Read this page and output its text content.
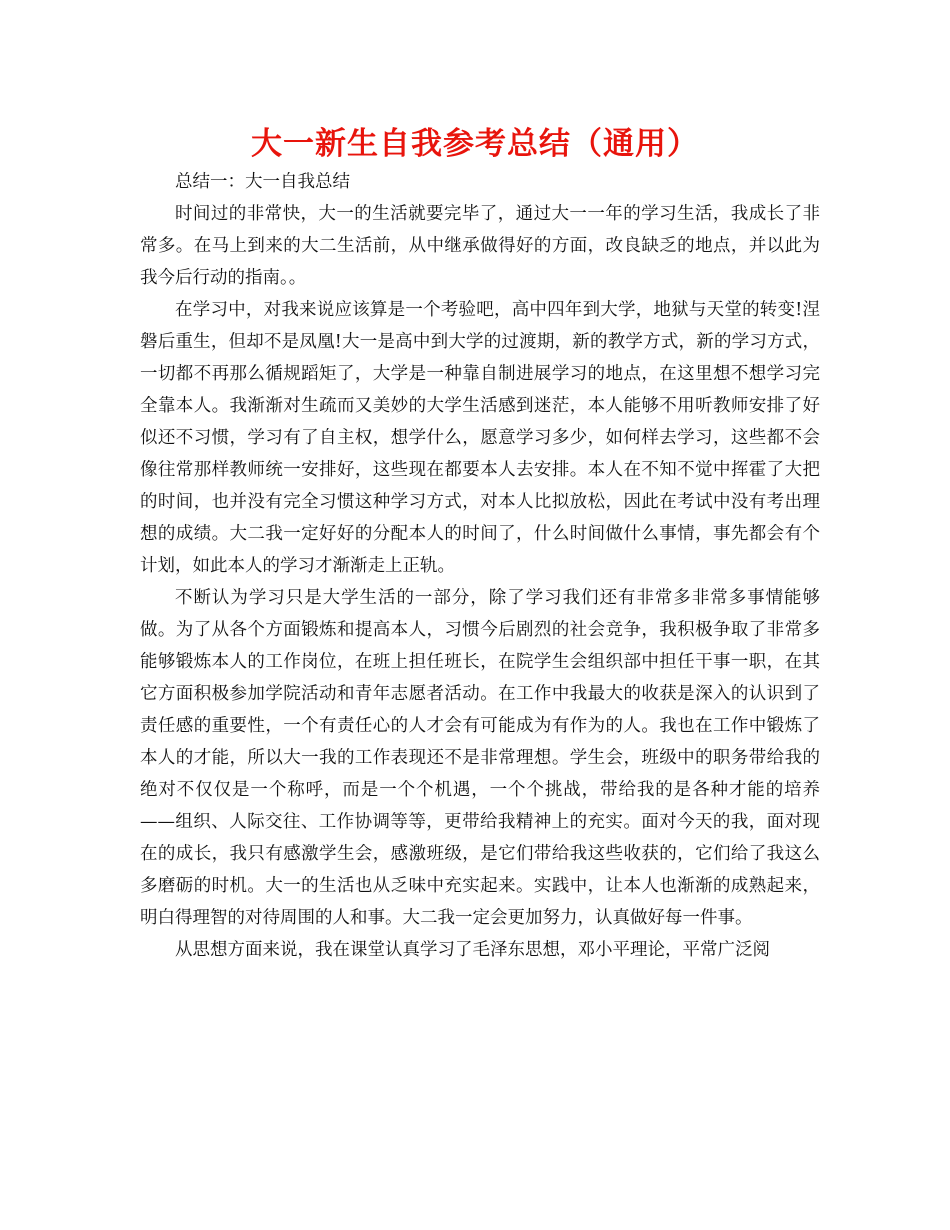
大一新生自我参考总结（通用）

总结一：大一自我总结

时间过的非常快，大一的生活就要完毕了，通过大一一年的学习生活，我成长了非常多。在马上到来的大二生活前，从中继承做得好的方面，改良缺乏的地点，并以此为我今后行动的指南。。

在学习中，对我来说应该算是一个考验吧，高中四年到大学，地狱与天堂的转变!涅磐后重生，但却不是凤凰!大一是高中到大学的过渡期，新的教学方式，新的学习方式，一切都不再那么循规蹈矩了，大学是一种靠自制进展学习的地点，在这里想不想学习完全靠本人。我渐渐对生疏而又美妙的大学生活感到迷茫，本人能够不用听教师安排了好似还不习惯，学习有了自主权，想学什么，愿意学习多少，如何样去学习，这些都不会像往常那样教师统一安排好，这些现在都要本人去安排。本人在不知不觉中挥霍了大把的时间，也并没有完全习惯这种学习方式，对本人比拟放松，因此在考试中没有考出理想的成绩。大二我一定好好的分配本人的时间了，什么时间做什么事情，事先都会有个计划，如此本人的学习才渐渐走上正轨。

不断认为学习只是大学生活的一部分，除了学习我们还有非常多非常多事情能够做。为了从各个方面锻炼和提高本人，习惯今后剧烈的社会竞争，我积极争取了非常多能够锻炼本人的工作岗位，在班上担任班长，在院学生会组织部中担任干事一职，在其它方面积极参加学院活动和青年志愿者活动。在工作中我最大的收获是深入的认识到了责任感的重要性，一个有责任心的人才会有可能成为有作为的人。我也在工作中锻炼了本人的才能，所以大一我的工作表现还不是非常理想。学生会，班级中的职务带给我的绝对不仅仅是一个称呼，而是一个个机遇，一个个挑战，带给我的是各种才能的培养——组织、人际交往、工作协调等等，更带给我精神上的充实。面对今天的我，面对现在的成长，我只有感激学生会，感激班级，是它们带给我这些收获的，它们给了我这么多磨砺的时机。大一的生活也从乏味中充实起来。实践中，让本人也渐渐的成熟起来，明白得理智的对待周围的人和事。大二我一定会更加努力，认真做好每一件事。

从思想方面来说，我在课堂认真学习了毛泽东思想，邓小平理论，平常广泛阅
